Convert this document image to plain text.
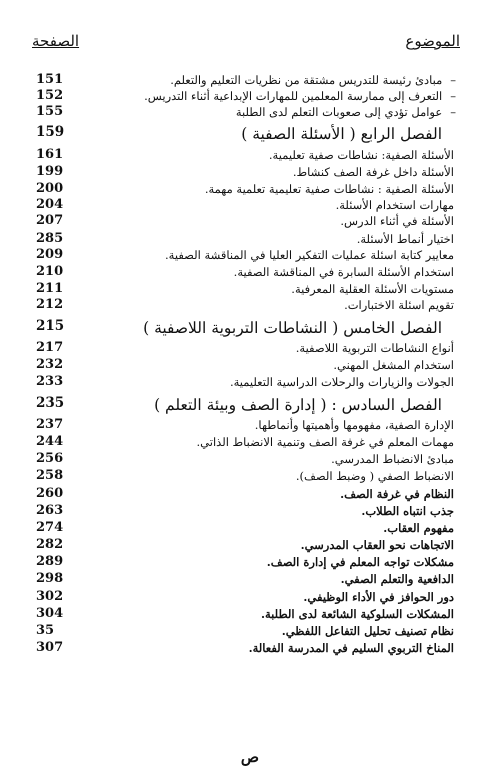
الموضوع
الصفحة
151	– مبادئ رئيسة للتدريس مشتقة من نظريات التعليم والتعلم.
152	– التعرف إلى ممارسة المعلمين للمهارات الإبداعية أثناء التدريس.
155	– عوامل تؤدي إلى صعوبات التعلم لدى الطلبة
159	الفصل الرابع ( الأسئلة الصفية )
161	الأسئلة الصفية: نشاطات صفية تعليمية.
199	الأسئلة داخل غرفة الصف كنشاط.
200	الأسئلة الصفية : نشاطات صفية تعليمية تعلمية مهمة.
204	مهارات استخدام الأسئلة.
207	الأسئلة في أثناء الدرس.
285	اختيار أنماط الأسئلة.
209	معايير كتابة اسئلة عمليات التفكير العليا في المناقشة الصفية.
210	استخدام الأسئلة السابرة في المناقشة الصفية.
211	مستويات الأسئلة العقلية المعرفية.
212	تقويم اسئلة الاختبارات.
215	الفصل الخامس ( النشاطات التربوية اللاصفية )
217	أنواع النشاطات التربوية اللاصفية.
232	استخدام المشغل المهني.
233	الجولات والزيارات والرحلات الدراسية التعليمية.
235	الفصل السادس : ( إدارة الصف وبيئة التعلم )
237	الإدارة الصفية، مفهومها وأهميتها وأنماطها.
244	مهمات المعلم في غرفة الصف وتنمية الانضباط الذاتي.
256	مبادئ الانضباط المدرسي.
258	الانضباط الصفي ( وضبط الصف).
260	النظام في غرفة الصف.
263	جذب انتباه الطلاب.
274	مفهوم العقاب.
282	الاتجاهات نحو العقاب المدرسي.
289	مشكلات تواجه المعلم في إدارة الصف.
298	الدافعية والتعلم الصفي.
302	دور الحوافز في الأداء الوظيفي.
304	المشكلات السلوكية الشائعة لدى الطلبة.
35	نظام تصنيف تحليل التفاعل اللفظي.
307	المناخ التربوي السليم في المدرسة الفعالة.
ص
